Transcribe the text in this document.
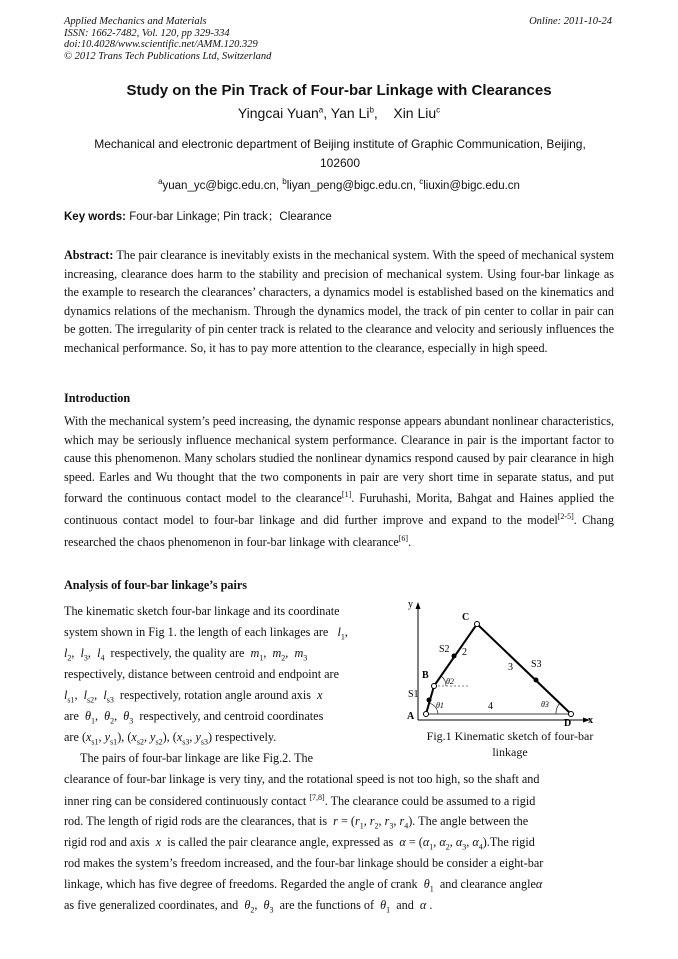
Applied Mechanics and Materials
ISSN: 1662-7482, Vol. 120, pp 329-334
doi:10.4028/www.scientific.net/AMM.120.329
© 2012 Trans Tech Publications Ltd, Switzerland
Online: 2011-10-24
Study on the Pin Track of Four-bar Linkage with Clearances
Yingcai Yuan$^a$, Yan Li$^b$,    Xin Liu$^c$
Mechanical and electronic department of Beijing institute of Graphic Communication, Beijing, 102600
$^a$yuan_yc@bigc.edu.cn, $^b$liyan_peng@bigc.edu.cn, $^c$liuxin@bigc.edu.cn
Key words: Four-bar Linkage; Pin track；Clearance
Abstract: The pair clearance is inevitably exists in the mechanical system. With the speed of mechanical system increasing, clearance does harm to the stability and precision of mechanical system. Using four-bar linkage as the example to research the clearances’ characters, a dynamics model is established based on the kinematics and dynamics relations of the mechanism. Through the dynamics model, the track of pin center to collar in pair can be gotten. The irregularity of pin center track is related to the clearance and velocity and seriously influences the mechanical performance. So, it has to pay more attention to the clearance, especially in high speed.
Introduction
With the mechanical system’s peed increasing, the dynamic response appears abundant nonlinear characteristics, which may be seriously influence mechanical system performance. Clearance in pair is the important factor to cause this phenomenon. Many scholars studied the nonlinear dynamics respond caused by pair clearance in high speed. Earles and Wu thought that the two components in pair are very short time in separate status, and put forward the continuous contact model to the clearance[1]. Furuhashi, Morita, Bahgat and Haines applied the continuous contact model to four-bar linkage and did further improve and expand to the model[2-5]. Chang researched the chaos phenomenon in four-bar linkage with clearance[6].
Analysis of four-bar linkage’s pairs
The kinematic sketch four-bar linkage and its coordinate
system shown in Fig 1. the length of each linkages are $l_1$,
$l_2$,  $l_3$,  $l_4$ respectively, the quality are $m_1$,  $m_2$,  $m_3$
respectively, distance between centroid and endpoint are
$l_{s1}$,  $l_{s2}$,  $l_{s3}$ respectively, rotation angle around axis x
are $\theta_1$,  $\theta_2$,  $\theta_3$ respectively, and centroid coordinates
are ($x_{s1}$, $y_{s1}$), ($x_{s2}$, $y_{s2}$), ($x_{s3}$, $y_{s3}$) respectively.
The pairs of four-bar linkage are like Fig.2. The
clearance of four-bar linkage is very tiny, and the rotational speed is not too high, so the shaft and
inner ring can be considered continuously contact [7,8]. The clearance could be assumed to a rigid
rod. The length of rigid rods are the clearances, that is $r = (r_1$, $r_2$, $r_3$, $r_4$). The angle between the
rigid rod and axis x is called the pair clearance angle, expressed as $\alpha = (\alpha_1$, $\alpha_2$, $\alpha_3$, $\alpha_4).The$ rigid
rod makes the system’s freedom increased, and the four-bar linkage should be consider a eight-bar
linkage, which has five degree of freedoms. Regarded the angle of crank $\theta_1$ and clearance angleα
as five generalized coordinates, and $\theta_2$,  $\theta_3$ are the functions of $\theta_1$ and α .
y
x
A
B
C
D
S1
S2
S3
2
3
4
θ1
θ2
θ3
Fig.1 Kinematic sketch of four-bar linkage
